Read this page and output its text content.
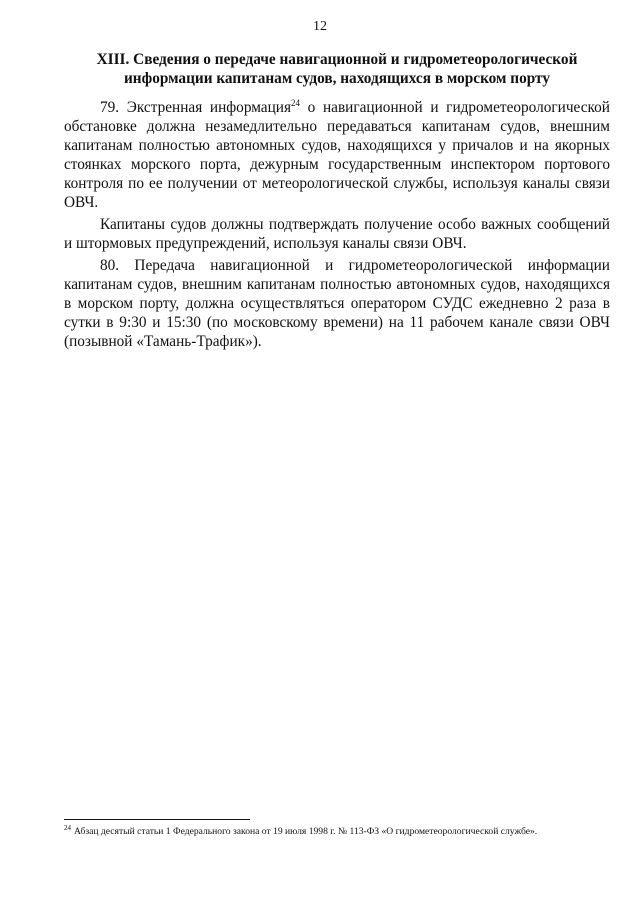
12
XIII. Сведения о передаче навигационной и гидрометеорологической
информации капитанам судов, находящихся в морском порту

79. Экстренная информация$^{24}$ о навигационной и гидрометеорологической обстановке должна незамедлительно передаваться капитанам судов, внешним капитанам полностью автономных судов, находящихся у причалов и на якорных стоянках морского порта, дежурным государственным инспектором портового контроля по ее получении от метеорологической службы, используя каналы связи ОВЧ.

Капитаны судов должны подтверждать получение особо важных сообщений и штормовых предупреждений, используя каналы связи ОВЧ.

80. Передача навигационной и гидрометеорологической информации капитанам судов, внешним капитанам полностью автономных судов, находящихся в морском порту, должна осуществляться оператором СУДС ежедневно 2 раза в сутки в 9:30 и 15:30 (по московскому времени) на 11 рабочем канале связи ОВЧ (позывной «Тамань-Трафик»).

$^{24}$ Абзац десятый статьи 1 Федерального закона от 19 июля 1998 г. № 113-ФЗ «О гидрометеорологической службе».
